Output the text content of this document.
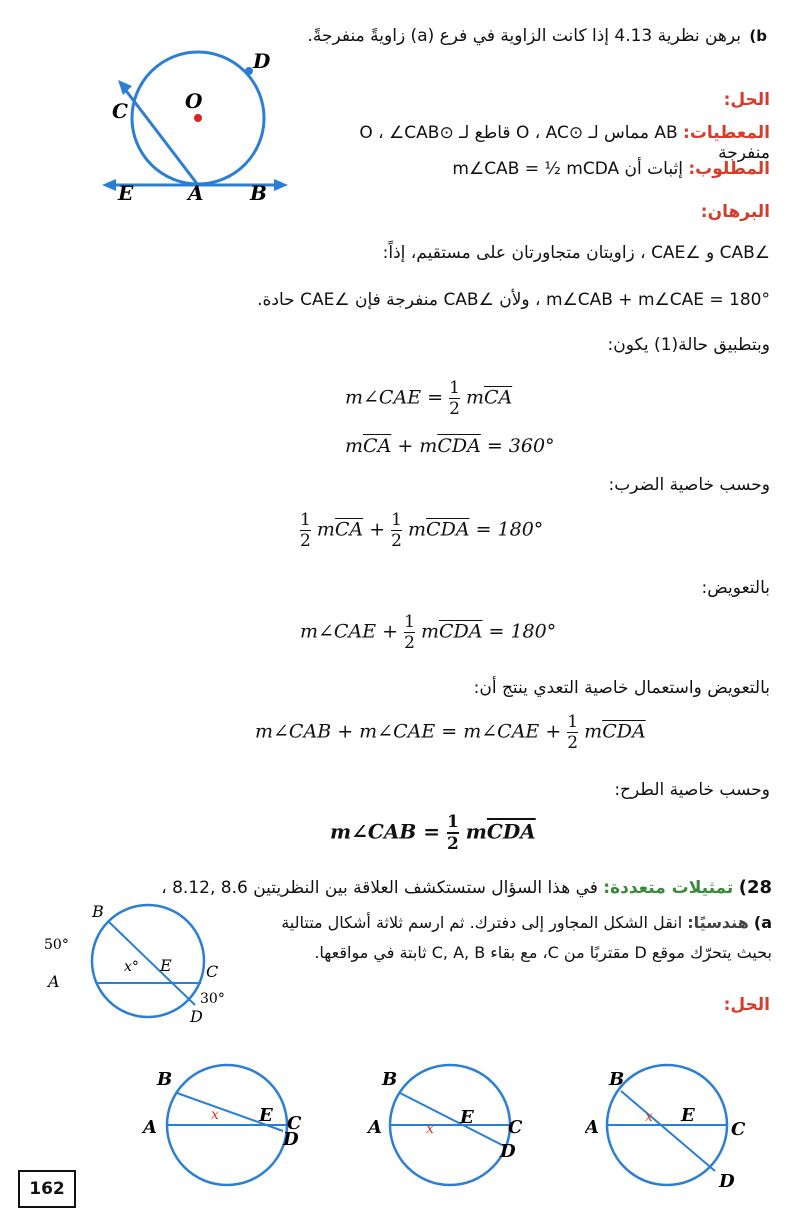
b) برهن نظرية 4.13 إذا كانت الزاوية في فرع (a) زاويةً منفرجةً.
C	O
D
E	A B
الحل:
المعطيات: AB مماس لـ ⊙O ، AC قاطع لـ ⊙O ، ∠CAB منفرجة
المطلوب: إثبات أن m∠CAB = ½ mCDA
البرهان:
∠CAB و ∠CAE ، زاويتان متجاورتان على مستقيم، إذاً:
m∠CAB + m∠CAE = 180° ، ولأن ∠CAB منفرجة فإن ∠CAE حادة.
وبتطبيق حالة(1) يكون:
m∠CAE = $\frac{1}{2} m\overline{CA}$
$m\overline{CA} + m\overline{CDA} = 360^\circ$
وحسب خاصية الضرب:
$\frac{1}{2} m\overline{CA} + \frac{1}{2} m\overline{CDA} = 180^\circ$
بالتعويض:
m∠CAE + $\frac{1}{2} m\overline{CDA} = 180^\circ$
بالتعويض واستعمال خاصية التعدي ينتج أن:
m∠CAB + m∠CAE = m∠CAE + $\frac{1}{2} m\overline{CDA}$
وحسب خاصية الطرح:
m∠CAB = $\frac{1}{2} m\overline{CDA}$
28) تمثيلات متعددة: في هذا السؤال ستستكشف العلاقة بين النظريتين 8.6 ,8.12 ،
a) هندسيًا: انقل الشكل المجاور إلى دفترك. ثم ارسم ثلاثة أشكال متتالية
بحيث يتحرّك موقع D مقتربًا من C، مع بقاء C, A, B ثابتة في مواقعها.
الحل:
B
50°
x° E C
A
30°
D
B
A
x E C
D
B
A	x
E C
D
B
A	x E
C
D
162
